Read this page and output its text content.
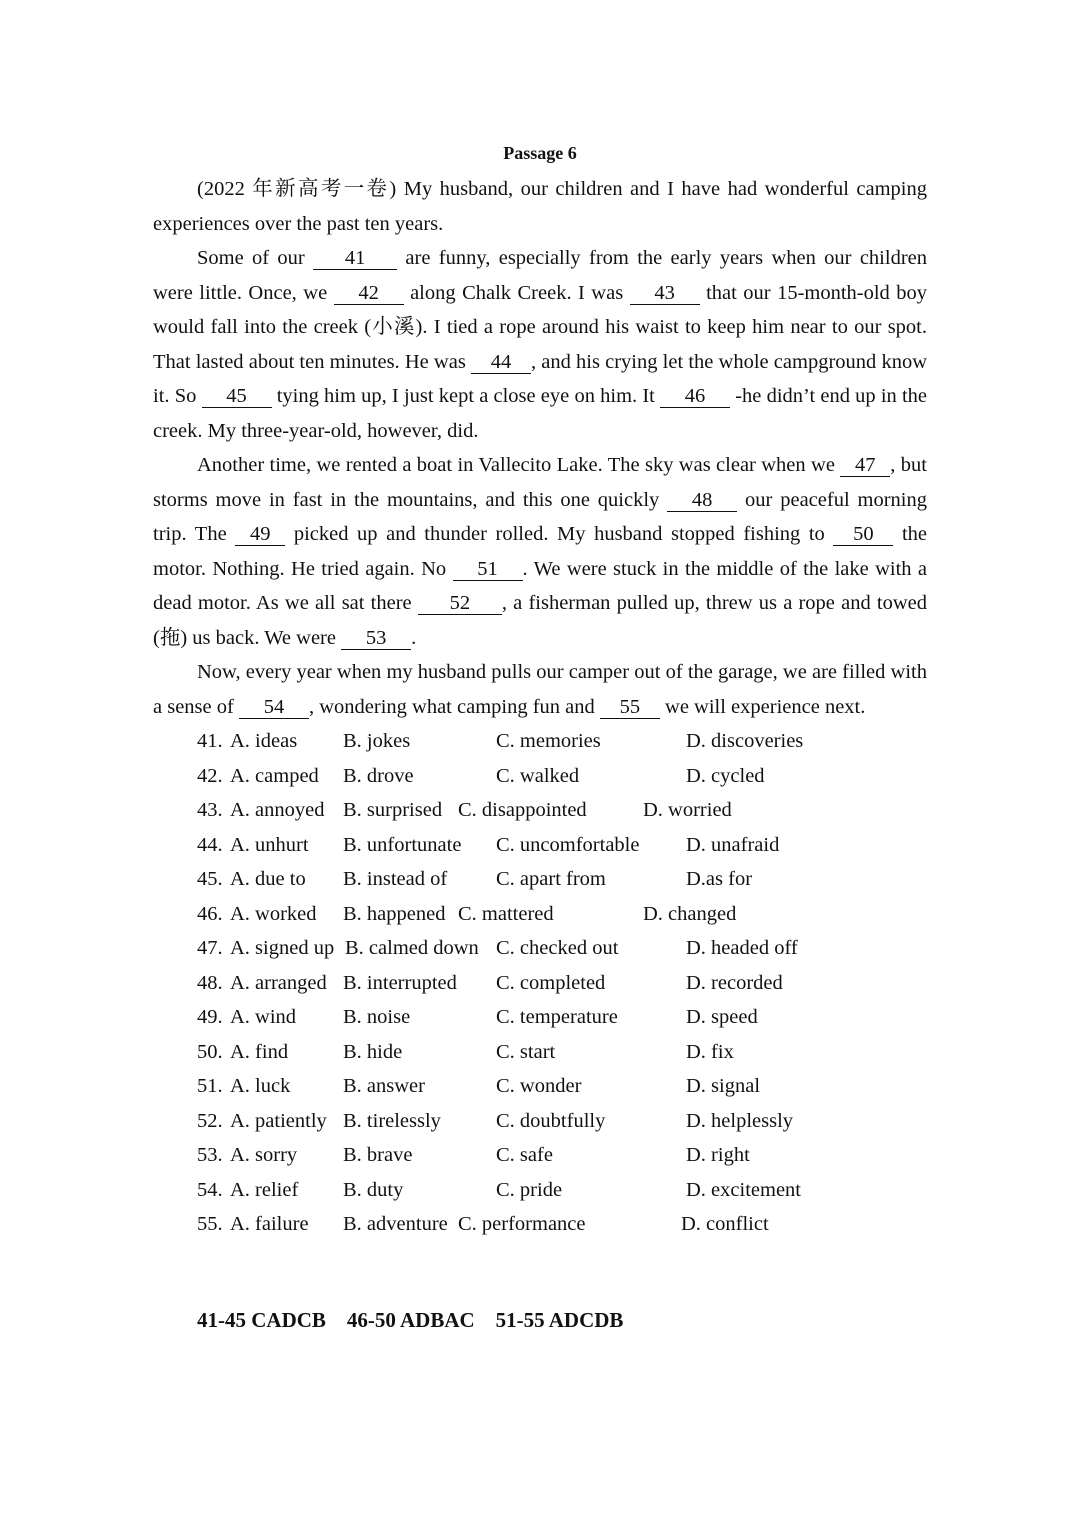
Passage 6

(2022 年新高考一卷) My husband, our children and I have had wonderful camping experiences over the past ten years.

Some of our 41 are funny, especially from the early years when our children were little. Once, we 42 along Chalk Creek. I was 43 that our 15-month-old boy would fall into the creek (小溪). I tied a rope around his waist to keep him near to our spot. That lasted about ten minutes. He was 44 , and his crying let the whole campground know it. So 45 tying him up, I just kept a close eye on him. It 46 -he didn’t end up in the creek. My three-year-old, however, did.

Another time, we rented a boat in Vallecito Lake. The sky was clear when we 47 , but storms move in fast in the mountains, and this one quickly 48 our peaceful morning trip. The 49 picked up and thunder rolled. My husband stopped fishing to 50 the motor. Nothing. He tried again. No 51 . We were stuck in the middle of the lake with a dead motor. As we all sat there 52 , a fisherman pulled up, threw us a rope and towed (拖) us back. We were 53 .

Now, every year when my husband pulls our camper out of the garage, we are filled with a sense of 54 , wondering what camping fun and 55 we will experience next.

41. A. ideas B. jokes	C. memories	D. discoveries
42. A. camped B. drove	C. walked	D. cycled
43. A. annoyed B. surprised C. disappointed	D. worried
44. A. unhurt B. unfortunate C. uncomfortable D. unafraid
45. A. due to B. instead of C. apart from	D.as for
46. A. worked B. happened C. mattered	D. changed
47. A. signed up B. calmed down C. checked out	D. headed off
48. A. arranged B. interrupted C. completed	D. recorded
49. A. wind B. noise	C. temperature	D. speed
50. A. find	B. hide	C. start	D. fix
51. A. luck	B. answer	C. wonder	D. signal
52. A. patiently B. tirelessly	C. doubtfully	D. helplessly
53. A. sorry B. brave	C. safe	D. right
54. A. relief B. duty	C. pride	D. excitement
55. A. failure B. adventure C. performance	D. conflict
41-45 CADCB    46-50 ADBAC    51-55 ADCDB
